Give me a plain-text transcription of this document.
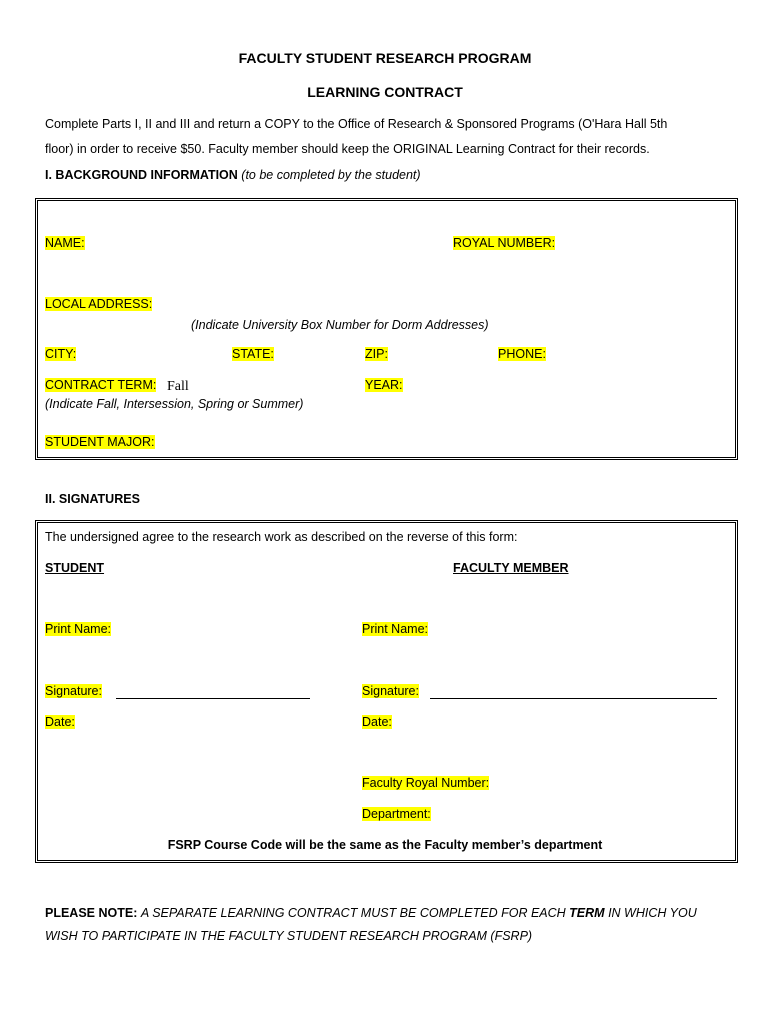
FACULTY STUDENT RESEARCH PROGRAM
LEARNING CONTRACT
Complete Parts I, II and III and return a COPY to the Office of Research & Sponsored Programs (O'Hara Hall 5th
floor) in order to receive $50. Faculty member should keep the ORIGINAL Learning Contract for their records.
I. BACKGROUND INFORMATION (to be completed by the student)
NAME:	ROYAL NUMBER:
LOCAL ADDRESS:
(Indicate University Box Number for Dorm Addresses)
CITY:	STATE:	ZIP:	PHONE:
CONTRACT TERM: Fall	YEAR:
(Indicate Fall, Intersession, Spring or Summer)
STUDENT MAJOR:
II. SIGNATURES
The undersigned agree to the research work as described on the reverse of this form:
STUDENT	FACULTY MEMBER
Print Name:	Print Name:
Signature:	Signature:
Date:	Date:
Faculty Royal Number:
Department:
FSRP Course Code will be the same as the Faculty member’s department
PLEASE NOTE: A SEPARATE LEARNING CONTRACT MUST BE COMPLETED FOR EACH TERM IN WHICH YOU
WISH TO PARTICIPATE IN THE FACULTY STUDENT RESEARCH PROGRAM (FSRP)
